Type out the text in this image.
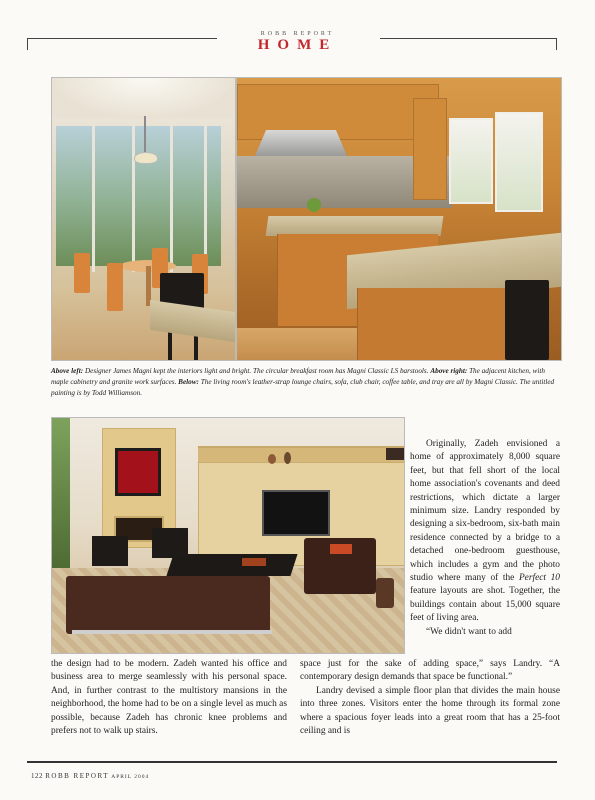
ROBB REPORT
HOME
Above left: Designer James Magni kept the interiors light and bright. The circular breakfast room has Magni Classic LS barstools. Above right: The adjacent kitchen, with maple cabinetry and granite work surfaces. Below: The living room's leather-strap lounge chairs, sofa, club chair, coffee table, and tray are all by Magni Classic. The untitled painting is by Todd Williamson.
Originally, Zadeh envisioned a home of approximately 8,000 square feet, but that fell short of the local home association's covenants and deed restrictions, which dictate a larger minimum size. Landry responded by designing a six-bedroom, six-bath main residence connected by a bridge to a detached one-bedroom guesthouse, which includes a gym and the photo studio where many of the Perfect 10 feature layouts are shot. Together, the buildings contain about 15,000 square feet of living area.
“We didn't want to add
the design had to be modern. Zadeh wanted his office and business area to merge seamlessly with his personal space. And, in further contrast to the multistory mansions in the neighborhood, the home had to be on a single level as much as possible, because Zadeh has chronic knee problems and prefers not to walk up stairs.
space just for the sake of adding space,” says Landry. “A contemporary design demands that space be functional.”
Landry devised a simple floor plan that divides the main house into three zones. Visitors enter the home through its formal zone where a spacious foyer leads into a great room that has a 25-foot ceiling and is
122 ROBB REPORT APRIL 2004
